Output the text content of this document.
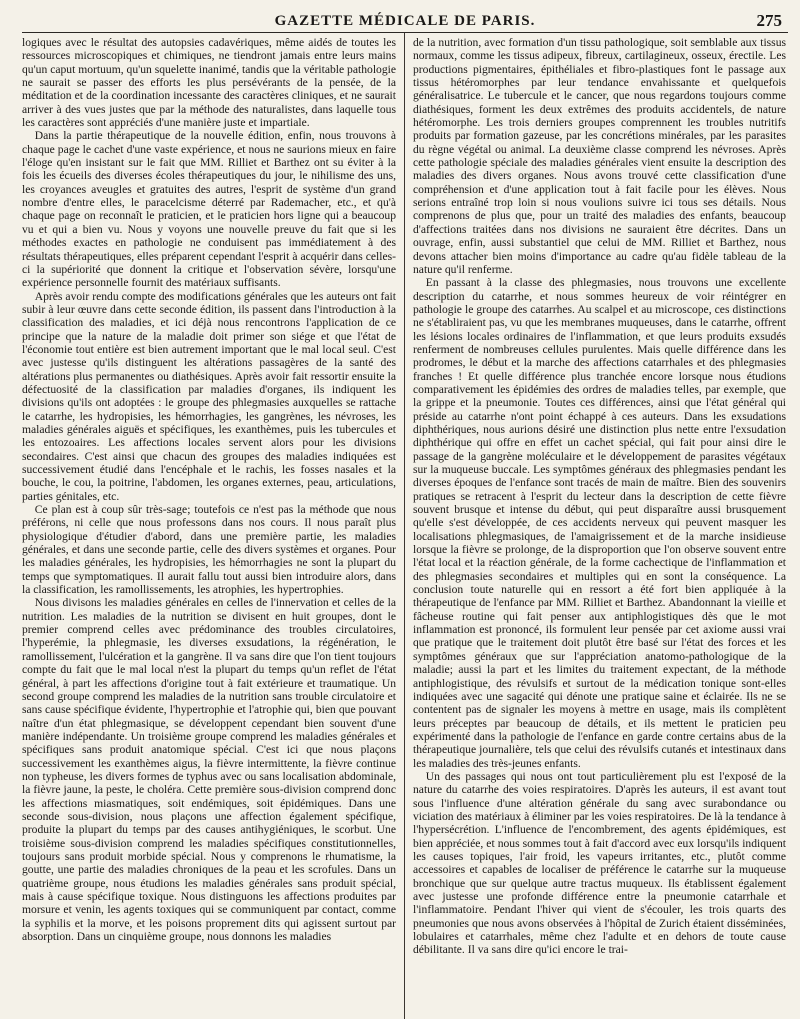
GAZETTE MÉDICALE DE PARIS.	275

logiques avec le résultat des autopsies cadavériques, même aidés de toutes les ressources microscopiques et chimiques, ne tiendront jamais entre leurs mains qu'un caput mortuum, qu'un squelette inanimé, tandis que la véritable pathologie ne saurait se passer des efforts les plus persévérants de la pensée, de la méditation et de la coordination incessante des caractères cliniques, et ne saurait arriver à des vues justes que par la méthode des naturalistes, dans laquelle tous les caractères sont appréciés d'une manière juste et impartiale.

Dans la partie thérapeutique de la nouvelle édition, enfin, nous trouvons à chaque page le cachet d'une vaste expérience, et nous ne saurions mieux en faire l'éloge qu'en insistant sur le fait que MM. Rilliet et Barthez ont su éviter à la fois les écueils des diverses écoles thérapeutiques du jour, le nihilisme des uns, les croyances aveugles et gratuites des autres, l'esprit de système d'un grand nombre d'entre elles, le paracelcisme déterré par Rademacher, etc., et qu'à chaque page on reconnaît le praticien, et le praticien hors ligne qui a beaucoup vu et qui a bien vu. Nous y voyons une nouvelle preuve du fait que si les méthodes exactes en pathologie ne conduisent pas immédiatement à des résultats thérapeutiques, elles préparent cependant l'esprit à acquérir dans celles-ci la supériorité que donnent la critique et l'observation sévère, lorsqu'une expérience personnelle fournit des matériaux suffisants.

Après avoir rendu compte des modifications générales que les auteurs ont fait subir à leur œuvre dans cette seconde édition, ils passent dans l'introduction à la classification des maladies, et ici déjà nous rencontrons l'application de ce principe que la nature de la maladie doit primer son siége et que l'état de l'économie tout entière est bien autrement important que le mal local seul. C'est avec justesse qu'ils distinguent les altérations passagères de la santé des altérations plus permanentes ou diathésiques. Après avoir fait ressortir ensuite la défectuosité de la classification par maladies d'organes, ils indiquent les divisions qu'ils ont adoptées : le groupe des phlegmasies auxquelles se rattache le catarrhe, les hydropisies, les hémorrhagies, les gangrènes, les névroses, les maladies générales aiguës et spécifiques, les exanthèmes, puis les tubercules et les entozoaires. Les affections locales servent alors pour les divisions secondaires. C'est ainsi que chacun des groupes des maladies indiquées est successivement étudié dans l'encéphale et le rachis, les fosses nasales et la bouche, le cou, la poitrine, l'abdomen, les organes externes, peau, articulations, parties génitales, etc.

Ce plan est à coup sûr très-sage; toutefois ce n'est pas la méthode que nous préférons, ni celle que nous professons dans nos cours. Il nous paraît plus physiologique d'étudier d'abord, dans une première partie, les maladies générales, et dans une seconde partie, celle des divers systèmes et organes. Pour les maladies générales, les hydropisies, les hémorrhagies ne sont la plupart du temps que symptomatiques. Il aurait fallu tout aussi bien introduire alors, dans la classification, les ramollissements, les atrophies, les hypertrophies.

Nous divisons les maladies générales en celles de l'innervation et celles de la nutrition. Les maladies de la nutrition se divisent en huit groupes, dont le premier comprend celles avec prédominance des troubles circulatoires, l'hyperémie, la phlegmasie, les diverses exsudations, la régénération, le ramollissement, l'ulcération et la gangrène. Il va sans dire que l'on tient toujours compte du fait que le mal local n'est la plupart du temps qu'un reflet de l'état général, à part les affections d'origine tout à fait extérieure et traumatique. Un second groupe comprend les maladies de la nutrition sans trouble circulatoire et sans cause spécifique évidente, l'hypertrophie et l'atrophie qui, bien que pouvant naître d'un état phlegmasique, se développent cependant bien souvent d'une manière indépendante. Un troisième groupe comprend les maladies générales et spécifiques sans produit anatomique spécial. C'est ici que nous plaçons successivement les exanthèmes aigus, la fièvre intermittente, la fièvre continue non typheuse, les divers formes de typhus avec ou sans localisation abdominale, la fièvre jaune, la peste, le choléra. Cette première sous-division comprend donc les affections miasmatiques, soit endémiques, soit épidémiques. Dans une seconde sous-division, nous plaçons une affection également spécifique, produite la plupart du temps par des causes antihygiéniques, le scorbut. Une troisième sous-division comprend les maladies spécifiques constitutionnelles, toujours sans produit morbide spécial. Nous y comprenons le rhumatisme, la goutte, une partie des maladies chroniques de la peau et les scrofules. Dans un quatrième groupe, nous étudions les maladies générales sans produit spécial, mais à cause spécifique toxique. Nous distinguons les affections produites par morsure et venin, les agents toxiques qui se communiquent par contact, comme la syphilis et la morve, et les poisons proprement dits qui agissent surtout par absorption. Dans un cinquième groupe, nous donnons les maladies

de la nutrition, avec formation d'un tissu pathologique, soit semblable aux tissus normaux, comme les tissus adipeux, fibreux, cartilagineux, osseux, érectile. Les productions pigmentaires, épithéliales et fibro-plastiques font le passage aux tissus hétéromorphes par leur tendance envahissante et quelquefois généralisatrice. Le tubercule et le cancer, que nous regardons toujours comme diathésiques, forment les deux extrêmes des produits accidentels, de nature hétéromorphe. Les trois derniers groupes comprennent les troubles nutritifs produits par formation gazeuse, par les concrétions minérales, par les parasites du règne végétal ou animal. La deuxième classe comprend les névroses. Après cette pathologie spéciale des maladies générales vient ensuite la description des maladies des divers organes. Nous avons trouvé cette classification d'une compréhension et d'une application tout à fait facile pour les élèves. Nous serions entraîné trop loin si nous voulions suivre ici tous ses détails. Nous comprenons de plus que, pour un traité des maladies des enfants, beaucoup d'affections traitées dans nos divisions ne sauraient être décrites. Dans un ouvrage, enfin, aussi substantiel que celui de MM. Rilliet et Barthez, nous devons attacher bien moins d'importance au cadre qu'au fidèle tableau de la nature qu'il renferme.

En passant à la classe des phlegmasies, nous trouvons une excellente description du catarrhe, et nous sommes heureux de voir réintégrer en pathologie le groupe des catarrhes. Au scalpel et au microscope, ces distinctions ne s'établiraient pas, vu que les membranes muqueuses, dans le catarrhe, offrent les lésions locales ordinaires de l'inflammation, et que leurs produits exsudés renferment de nombreuses cellules purulentes. Mais quelle différence dans les prodromes, le début et la marche des affections catarrhales et des phlegmasies franches ! Et quelle différence plus tranchée encore lorsque nous étudions comparativement les épidémies des ordres de maladies telles, par exemple, que la grippe et la pneumonie. Toutes ces différences, ainsi que l'état général qui préside au catarrhe n'ont point échappé à ces auteurs. Dans les exsudations diphthériques, nous aurions désiré une distinction plus nette entre l'exsudation diphthérique qui offre en effet un cachet spécial, qui fait pour ainsi dire le passage de la gangrène moléculaire et le développement de parasites végétaux sur la muqueuse buccale. Les symptômes généraux des phlegmasies pendant les diverses époques de l'enfance sont tracés de main de maître. Bien des souvenirs pratiques se retracent à l'esprit du lecteur dans la description de cette fièvre souvent brusque et intense du début, qui peut disparaître aussi brusquement qu'elle s'est développée, de ces accidents nerveux qui peuvent masquer les localisations phlegmasiques, de l'amaigrissement et de la marche insidieuse lorsque la fièvre se prolonge, de la disproportion que l'on observe souvent entre l'état local et la réaction générale, de la forme cachectique de l'inflammation et des phlegmasies secondaires et multiples qui en sont la conséquence. La conclusion toute naturelle qui en ressort a été fort bien appliquée à la thérapeutique de l'enfance par MM. Rilliet et Barthez. Abandonnant la vieille et fâcheuse routine qui fait penser aux antiphlogistiques dès que le mot inflammation est prononcé, ils formulent leur pensée par cet axiome aussi vrai que pratique que le traitement doit plutôt être basé sur l'état des forces et les symptômes généraux que sur l'appréciation anatomo-pathologique de la maladie; aussi la part et les limites du traitement expectant, de la méthode antiphlogistique, des révulsifs et surtout de la médication tonique sont-elles indiquées avec une sagacité qui dénote une pratique saine et éclairée. Ils ne se contentent pas de signaler les moyens à mettre en usage, mais ils complètent leurs préceptes par beaucoup de détails, et ils mettent le praticien peu expérimenté dans la pathologie de l'enfance en garde contre certains abus de la thérapeutique journalière, tels que celui des révulsifs cutanés et intestinaux dans les maladies des très-jeunes enfants.

Un des passages qui nous ont tout particulièrement plu est l'exposé de la nature du catarrhe des voies respiratoires. D'après les auteurs, il est avant tout sous l'influence d'une altération générale du sang avec surabondance ou viciation des matériaux à éliminer par les voies respiratoires. De là la tendance à l'hypersécrétion. L'influence de l'encombrement, des agents épidémiques, est bien appréciée, et nous sommes tout à fait d'accord avec eux lorsqu'ils indiquent les causes topiques, l'air froid, les vapeurs irritantes, etc., plutôt comme accessoires et capables de localiser de préférence le catarrhe sur la muqueuse bronchique que sur quelque autre tractus muqueux. Ils établissent également avec justesse une profonde différence entre la pneumonie catarrhale et l'inflammatoire. Pendant l'hiver qui vient de s'écouler, les trois quarts des pneumonies que nous avons observées à l'hôpital de Zurich étaient disséminées, lobulaires et catarrhales, même chez l'adulte et en dehors de toute cause débilitante. Il va sans dire qu'ici encore le trai-
